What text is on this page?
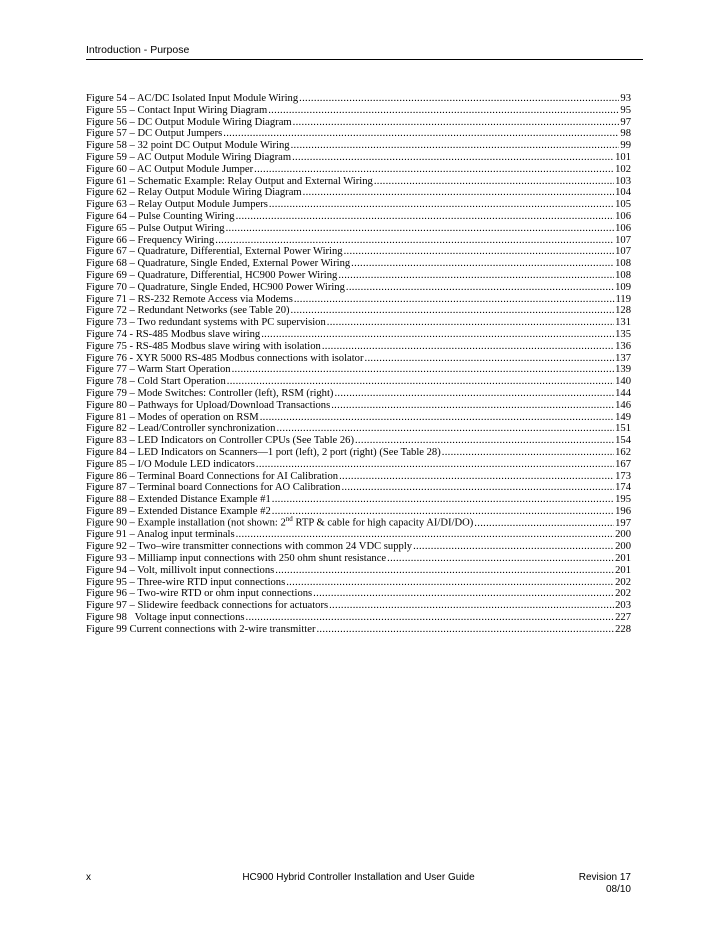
Introduction - Purpose
Figure 54 – AC/DC Isolated Input Module Wiring .....	93
Figure 55 – Contact Input Wiring Diagram .....	95
Figure 56 – DC Output Module Wiring Diagram .....	97
Figure 57 – DC Output Jumpers .....	98
Figure 58 – 32 point DC Output Module Wiring .....	99
Figure 59 – AC Output Module Wiring Diagram .....	101
Figure 60 – AC Output Module Jumper .....	102
Figure 61 – Schematic Example: Relay Output and External Wiring .....	103
Figure 62 – Relay Output Module Wiring Diagram .....	104
Figure 63 – Relay Output Module Jumpers .....	105
Figure 64 – Pulse Counting Wiring .....	106
Figure 65 – Pulse Output Wiring .....	106
Figure 66 – Frequency Wiring .....	107
Figure 67 – Quadrature, Differential, External Power Wiring .....	107
Figure 68 – Quadrature, Single Ended, External Power Wiring .....	108
Figure 69 – Quadrature, Differential, HC900 Power Wiring .....	108
Figure 70 – Quadrature, Single Ended, HC900 Power Wiring .....	109
Figure 71 – RS-232 Remote Access via Modems .....	119
Figure 72 – Redundant Networks (see Table 20) .....	128
Figure 73 – Two redundant systems with PC supervision .....	131
Figure 74 - RS-485 Modbus slave wiring .....	135
Figure 75 - RS-485 Modbus slave wiring with isolation .....	136
Figure 76 - XYR 5000 RS-485 Modbus connections with isolator .....	137
Figure 77 – Warm Start Operation .....	139
Figure 78 – Cold Start Operation .....	140
Figure 79 – Mode Switches: Controller (left), RSM (right) .....	144
Figure 80 – Pathways for Upload/Download Transactions .....	146
Figure 81 – Modes of operation on RSM .....	149
Figure 82 – Lead/Controller synchronization .....	151
Figure 83 – LED Indicators on Controller CPUs (See Table 26) .....	154
Figure 84 – LED Indicators on Scanners—1 port (left), 2 port (right) (See Table 28) .....	162
Figure 85 – I/O Module LED indicators .....	167
Figure 86 – Terminal Board Connections for AI Calibration .....	173
Figure 87 – Terminal board Connections for AO Calibration .....	174
Figure 88 – Extended Distance Example #1 .....	195
Figure 89 – Extended Distance Example #2 .....	196
Figure 90 – Example installation (not shown: 2nd RTP & cable for high capacity AI/DI/DO) .....	197
Figure 91 – Analog input terminals .....	200
Figure 92 – Two–wire transmitter connections with common 24 VDC supply .....	200
Figure 93 – Milliamp input connections with 250 ohm shunt resistance .....	201
Figure 94 – Volt, millivolt input connections .....	201
Figure 95 – Three-wire RTD input connections .....	202
Figure 96 – Two-wire RTD or ohm input connections .....	202
Figure 97 – Slidewire feedback connections for actuators .....	203
Figure 98   Voltage input connections .....	227
Figure 99 Current connections with 2-wire transmitter .....	228
x	HC900 Hybrid Controller Installation and User Guide	Revision 17
08/10
